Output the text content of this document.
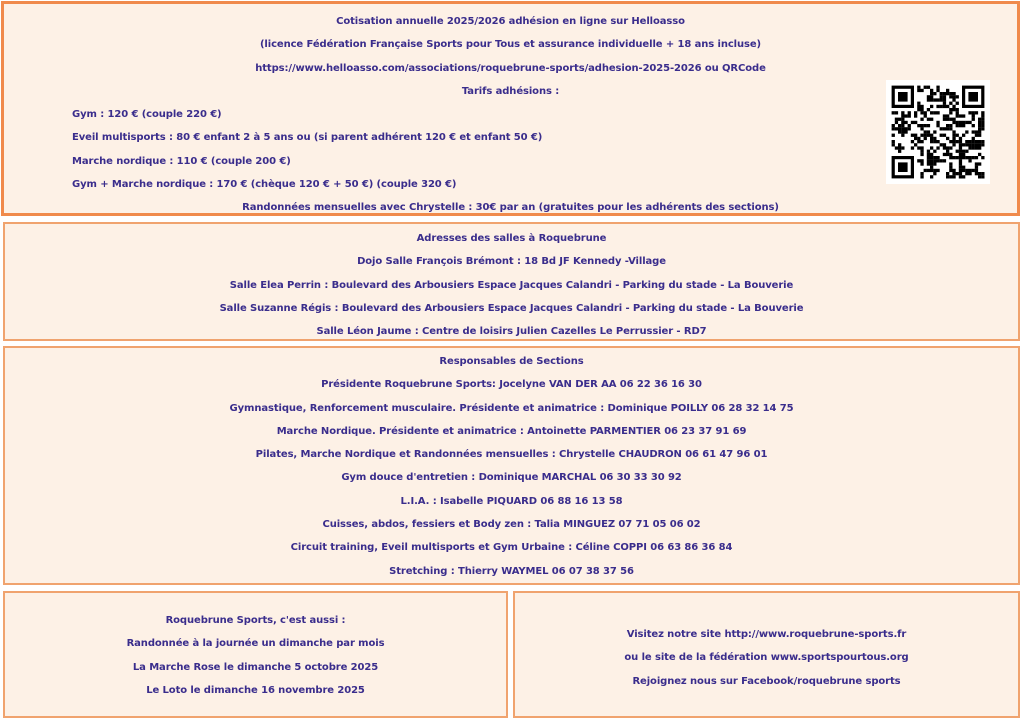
Cotisation annuelle 2025/2026 adhésion en ligne sur Helloasso
(licence Fédération Française Sports pour Tous et assurance individuelle + 18 ans incluse)
https://www.helloasso.com/associations/roquebrune-sports/adhesion-2025-2026 ou QRCode
Tarifs adhésions :
Gym : 120 € (couple 220 €)
Eveil multisports : 80 € enfant 2 à 5 ans ou (si parent adhérent 120 € et enfant 50 €)
Marche nordique : 110 € (couple 200 €)
Gym + Marche nordique : 170 € (chèque 120 € + 50 €) (couple 320 €)
Randonnées mensuelles avec Chrystelle : 30€ par an (gratuites pour les adhérents des sections)
Adresses des salles à Roquebrune
Dojo Salle François Brémont : 18 Bd JF Kennedy -Village
Salle Elea Perrin : Boulevard des Arbousiers Espace Jacques Calandri - Parking du stade - La Bouverie
Salle Suzanne Régis : Boulevard des Arbousiers Espace Jacques Calandri - Parking du stade - La Bouverie
Salle Léon Jaume : Centre de loisirs Julien Cazelles Le Perrussier - RD7
Responsables de Sections
Présidente Roquebrune Sports: Jocelyne VAN DER AA 06 22 36 16 30
Gymnastique, Renforcement musculaire. Présidente et animatrice : Dominique POILLY 06 28 32 14 75
Marche Nordique. Présidente et animatrice : Antoinette PARMENTIER 06 23 37 91 69
Pilates, Marche Nordique et Randonnées mensuelles : Chrystelle CHAUDRON 06 61 47 96 01
Gym douce d'entretien : Dominique MARCHAL 06 30 33 30 92
L.I.A. : Isabelle PIQUARD 06 88 16 13 58
Cuisses, abdos, fessiers et Body zen : Talia MINGUEZ 07 71 05 06 02
Circuit training, Eveil multisports et Gym Urbaine : Céline COPPI 06 63 86 36 84
Stretching : Thierry WAYMEL 06 07 38 37 56
Roquebrune Sports, c'est aussi :
Randonnée à la journée un dimanche par mois
La Marche Rose le dimanche 5 octobre 2025
Le Loto le dimanche 16 novembre 2025
Visitez notre site http://www.roquebrune-sports.fr
ou le site de la fédération www.sportspourtous.org
Rejoignez nous sur Facebook/roquebrune sports
